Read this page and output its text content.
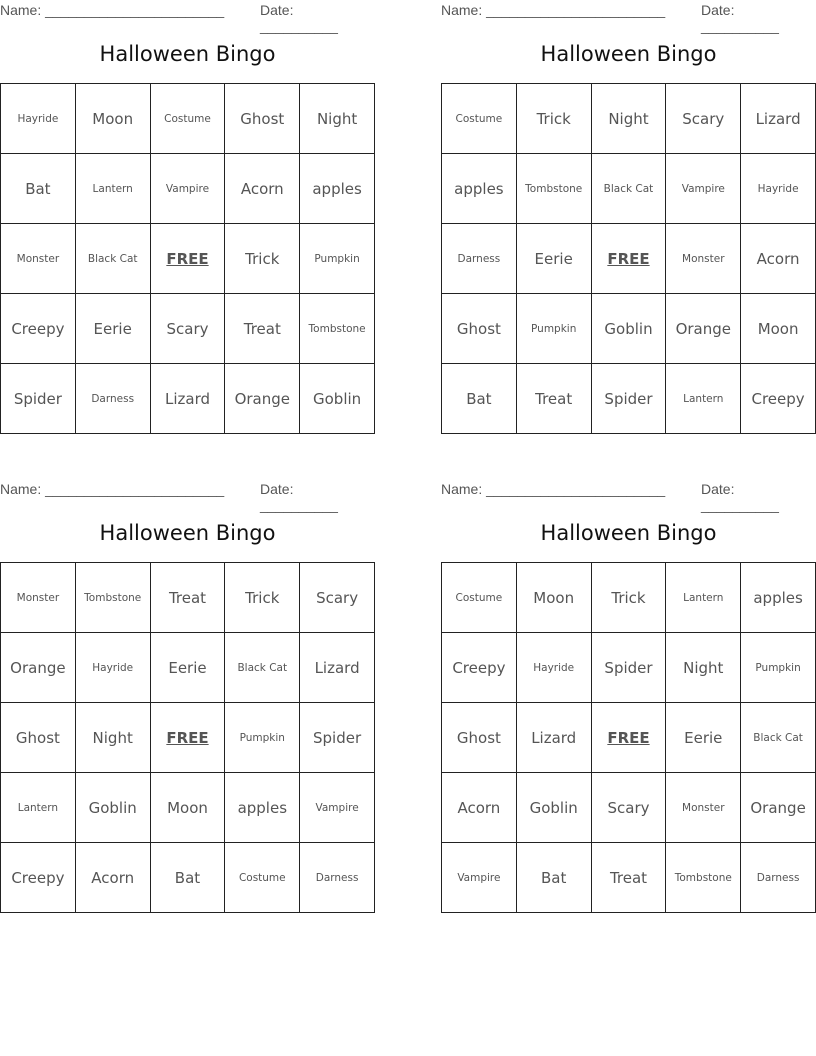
Name: _______________________	Date: __________
Halloween Bingo
Hayride	Moon	Costume	Ghost	Night
Bat	Lantern	Vampire	Acorn	apples
Monster	Black Cat	FREE	Trick	Pumpkin
Creepy	Eerie	Scary	Treat	Tombstone
Spider	Darness	Lizard	Orange	Goblin
Name: _______________________	Date: __________
Halloween Bingo
Costume	Trick	Night	Scary	Lizard
apples	Tombstone	Black Cat	Vampire	Hayride
Darness	Eerie	FREE	Monster	Acorn
Ghost	Pumpkin	Goblin	Orange	Moon
Bat	Treat	Spider	Lantern	Creepy
Name: _______________________	Date: __________
Halloween Bingo
Monster	Tombstone	Treat	Trick	Scary
Orange	Hayride	Eerie	Black Cat	Lizard
Ghost	Night	FREE	Pumpkin	Spider
Lantern	Goblin	Moon	apples	Vampire
Creepy	Acorn	Bat	Costume	Darness
Name: _______________________	Date: __________
Halloween Bingo
Costume	Moon	Trick	Lantern	apples
Creepy	Hayride	Spider	Night	Pumpkin
Ghost	Lizard	FREE	Eerie	Black Cat
Acorn	Goblin	Scary	Monster	Orange
Vampire	Bat	Treat	Tombstone	Darness
